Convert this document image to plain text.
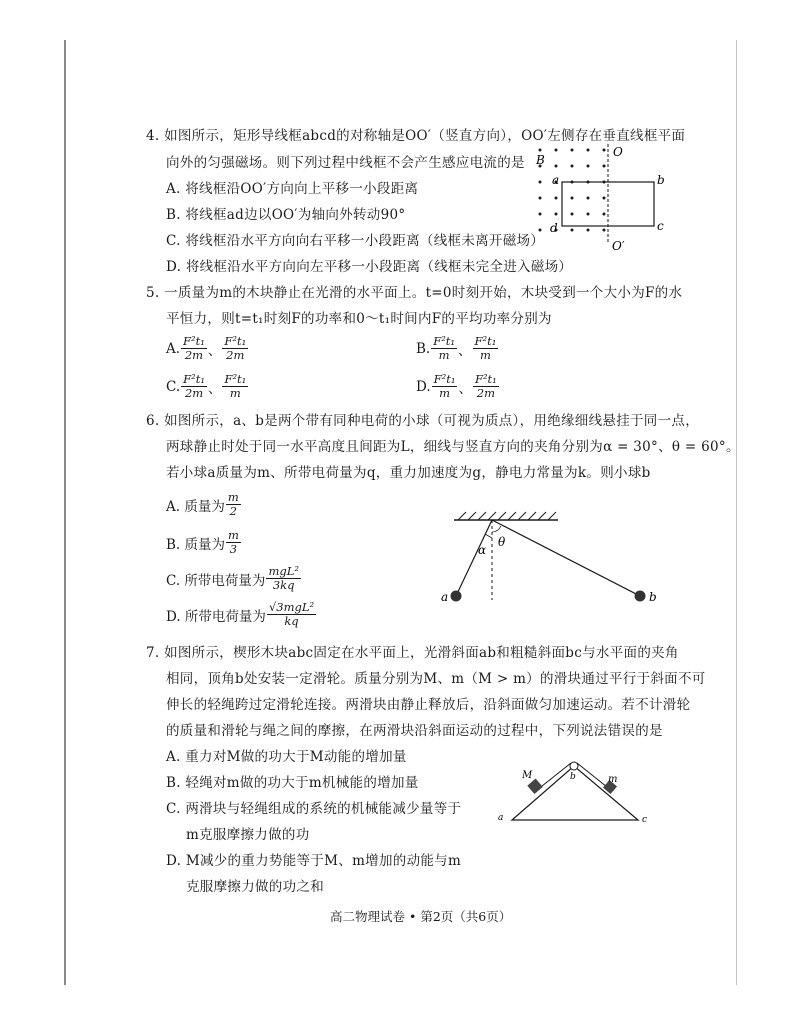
4. 如图所示，矩形导线框abcd的对称轴是OO′（竖直方向），OO′左侧存在垂直线框平面
向外的匀强磁场。则下列过程中线框不会产生感应电流的是
A. 将线框沿OO′方向向上平移一小段距离
B. 将线框ad边以OO′为轴向外转动90°
C. 将线框沿水平方向向右平移一小段距离（线框未离开磁场）
D. 将线框沿水平方向向左平移一小段距离（线框未完全进入磁场）
B
O
O′
a	b
c
d
5. 一质量为m的木块静止在光滑的水平面上。t=0时刻开始，木块受到一个大小为F的水
平恒力，则t=t₁时刻F的功率和0～t₁时间内F的平均功率分别为
A. $\frac{\text{F²t₁}}{2m}$ 、 $\frac{\text{F²t₁}}{2m}$	B. $\frac{\text{F²t₁}}{m}$ 、 $\frac{\text{F²t₁}}{m}$
C. $\frac{\text{F²t₁}}{2m}$ 、 $\frac{\text{F²t₁}}{m}$	D. $\frac{\text{F²t₁}}{m}$ 、 $\frac{\text{F²t₁}}{2m}$
6. 如图所示，a、b是两个带有同种电荷的小球（可视为质点），用绝缘细线悬挂于同一点，
两球静止时处于同一水平高度且间距为L，细线与竖直方向的夹角分别为α = 30°、θ = 60°。
若小球a质量为m、所带电荷量为q，重力加速度为g，静电力常量为k。则小球b
A. 质量为 $\frac{m}{2}$
B. 质量为 $\frac{m}{3}$
C. 所带电荷量为 $\frac{\text{mgL²}}{3kq}$
D. 所带电荷量为 $\frac{\text{√3mgL²}}{kq}$
α
θ
a	b
7. 如图所示，楔形木块abc固定在水平面上，光滑斜面ab和粗糙斜面bc与水平面的夹角
相同，顶角b处安装一定滑轮。质量分别为M、m（M > m）的滑块通过平行于斜面不可
伸长的轻绳跨过定滑轮连接。两滑块由静止释放后，沿斜面做匀加速运动。若不计滑轮
的质量和滑轮与绳之间的摩擦，在两滑块沿斜面运动的过程中，下列说法错误的是
A. 重力对M做的功大于M动能的增加量
B. 轻绳对m做的功大于m机械能的增加量
C. 两滑块与轻绳组成的系统的机械能减少量等于
m克服摩擦力做的功
D. M减少的重力势能等于M、m增加的动能与m
克服摩擦力做的功之和
M	m
b
a	c
高二物理试卷 • 第2页（共6页）
